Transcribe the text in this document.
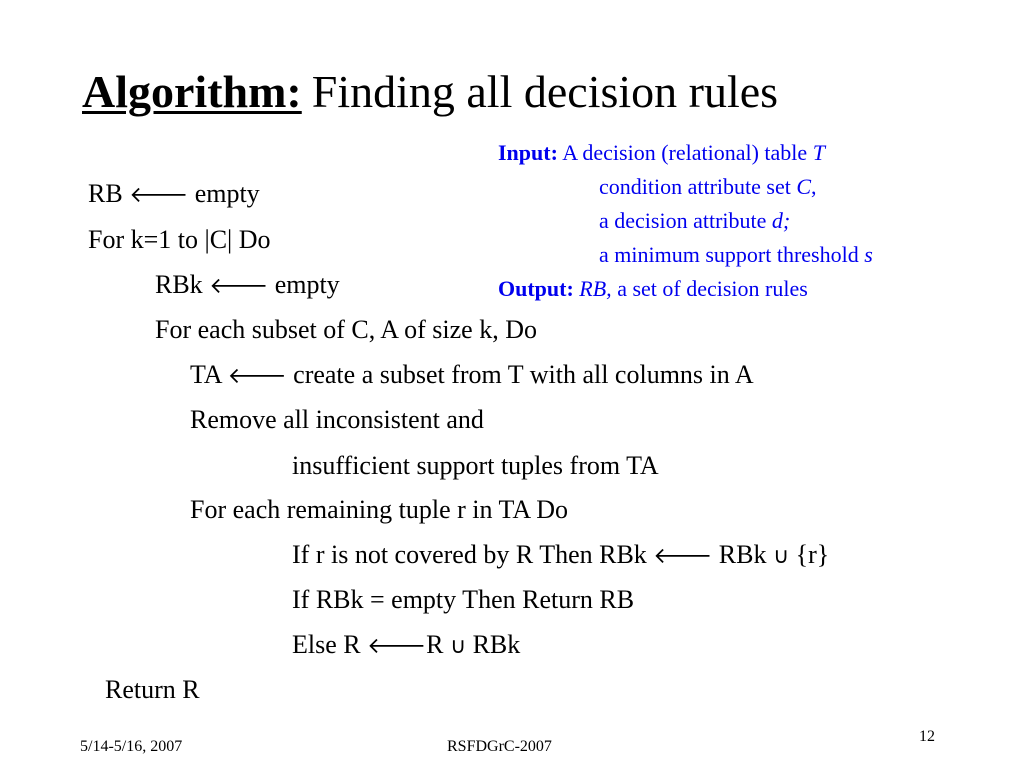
Algorithm: Finding all decision rules
Input: A decision (relational) table T
condition attribute set C,
a decision attribute d;
a minimum support threshold s
Output: RB, a set of decision rules
RB 🡐 empty
For k=1 to |C| Do
RBk 🡐 empty
For each subset of C, A of size k, Do
TA 🡐 create a subset from T with all columns in A
Remove all inconsistent and
insufficient support tuples from TA
For each remaining tuple r in TA Do
If r is not covered by R Then RBk 🡐 RBk ∪ {r}
If RBk = empty Then Return RB
Else R 🡐R ∪ RBk
Return R
5/14-5/16, 2007	RSFDGrC-2007
12
